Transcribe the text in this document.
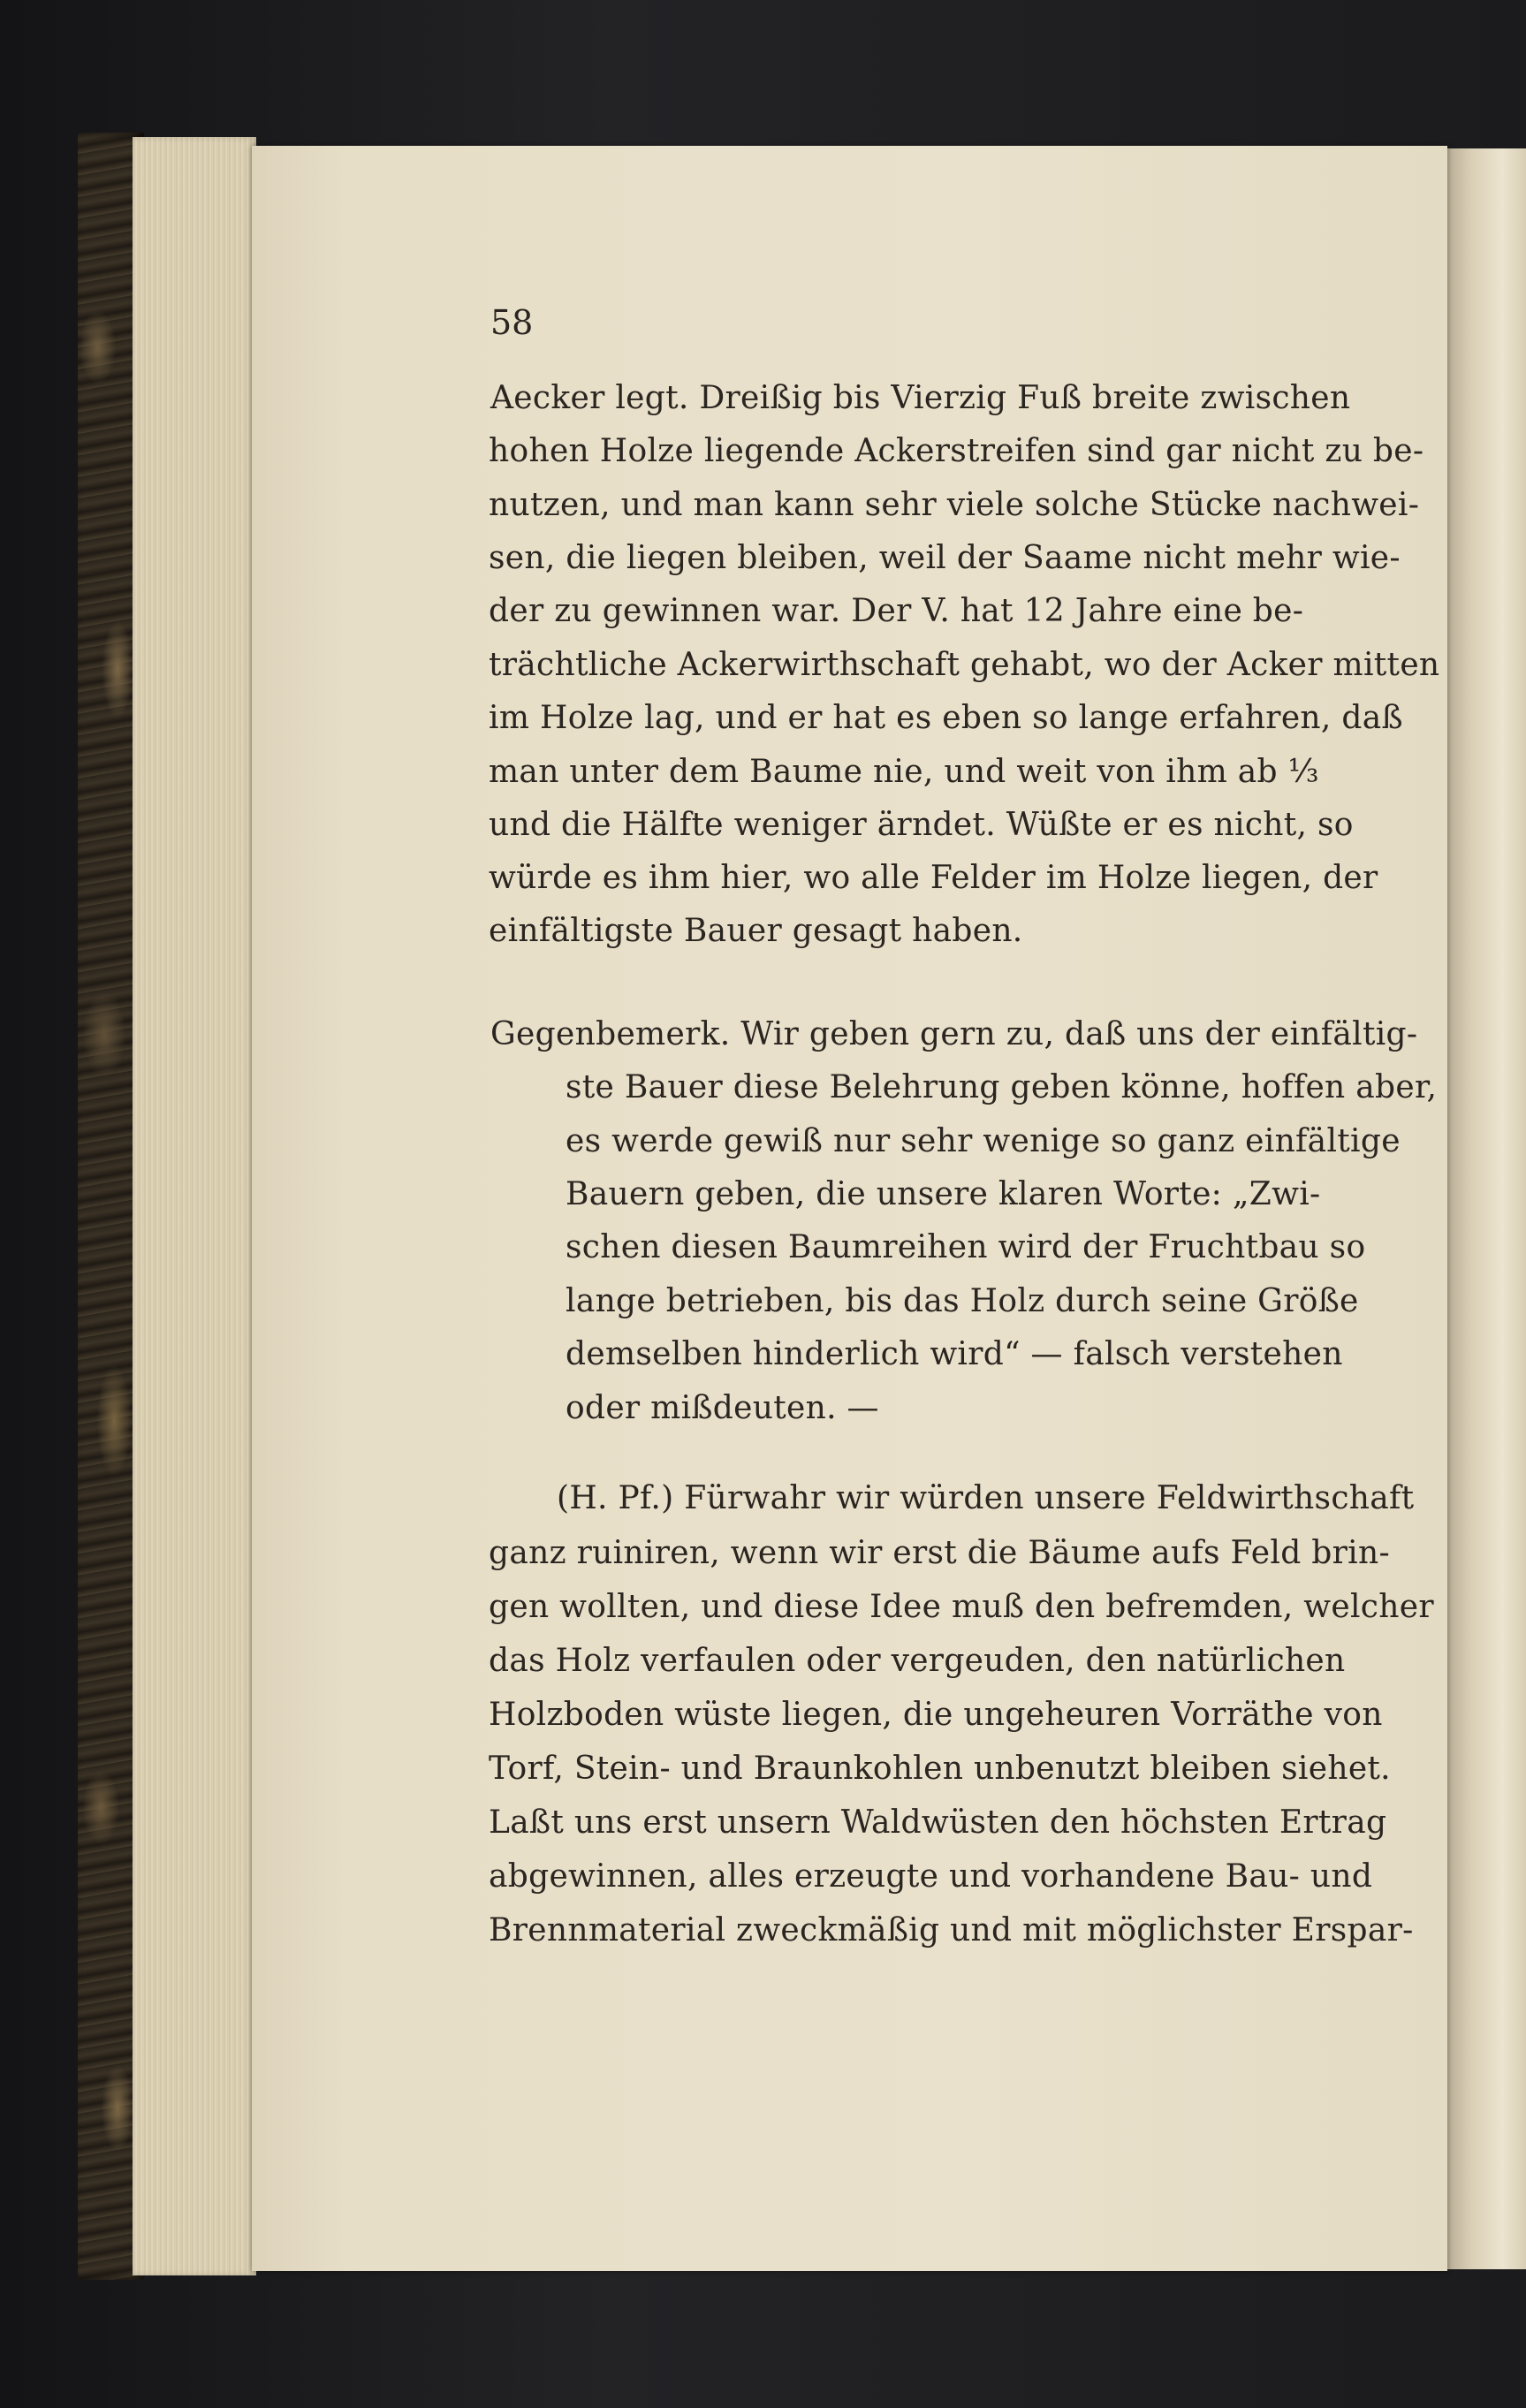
58

Aecker legt. Dreißig bis Vierzig Fuß breite zwischen

hohen Holze liegende Ackerstreifen sind gar nicht zu be-

nutzen, und man kann sehr viele solche Stücke nachwei-

sen, die liegen bleiben, weil der Saame nicht mehr wie-

der zu gewinnen war. Der V. hat 12 Jahre eine be-

trächtliche Ackerwirthschaft gehabt, wo der Acker mitten

im Holze lag, und er hat es eben so lange erfahren, daß

man unter dem Baume nie, und weit von ihm ab ⅓

und die Hälfte weniger ärndet. Wüßte er es nicht, so

würde es ihm hier, wo alle Felder im Holze liegen, der

einfältigste Bauer gesagt haben.

Gegenbemerk. Wir geben gern zu, daß uns der einfältig-

ste Bauer diese Belehrung geben könne, hoffen aber,

es werde gewiß nur sehr wenige so ganz einfältige

Bauern geben, die unsere klaren Worte: „Zwi-

schen diesen Baumreihen wird der Fruchtbau so

lange betrieben, bis das Holz durch seine Größe

demselben hinderlich wird“ — falsch verstehen

oder mißdeuten. —

(H. Pf.) Fürwahr wir würden unsere Feldwirthschaft

ganz ruiniren, wenn wir erst die Bäume aufs Feld brin-

gen wollten, und diese Idee muß den befremden, welcher

das Holz verfaulen oder vergeuden, den natürlichen

Holzboden wüste liegen, die ungeheuren Vorräthe von

Torf, Stein- und Braunkohlen unbenutzt bleiben siehet.

Laßt uns erst unsern Waldwüsten den höchsten Ertrag

abgewinnen, alles erzeugte und vorhandene Bau- und

Brennmaterial zweckmäßig und mit möglichster Erspar-
